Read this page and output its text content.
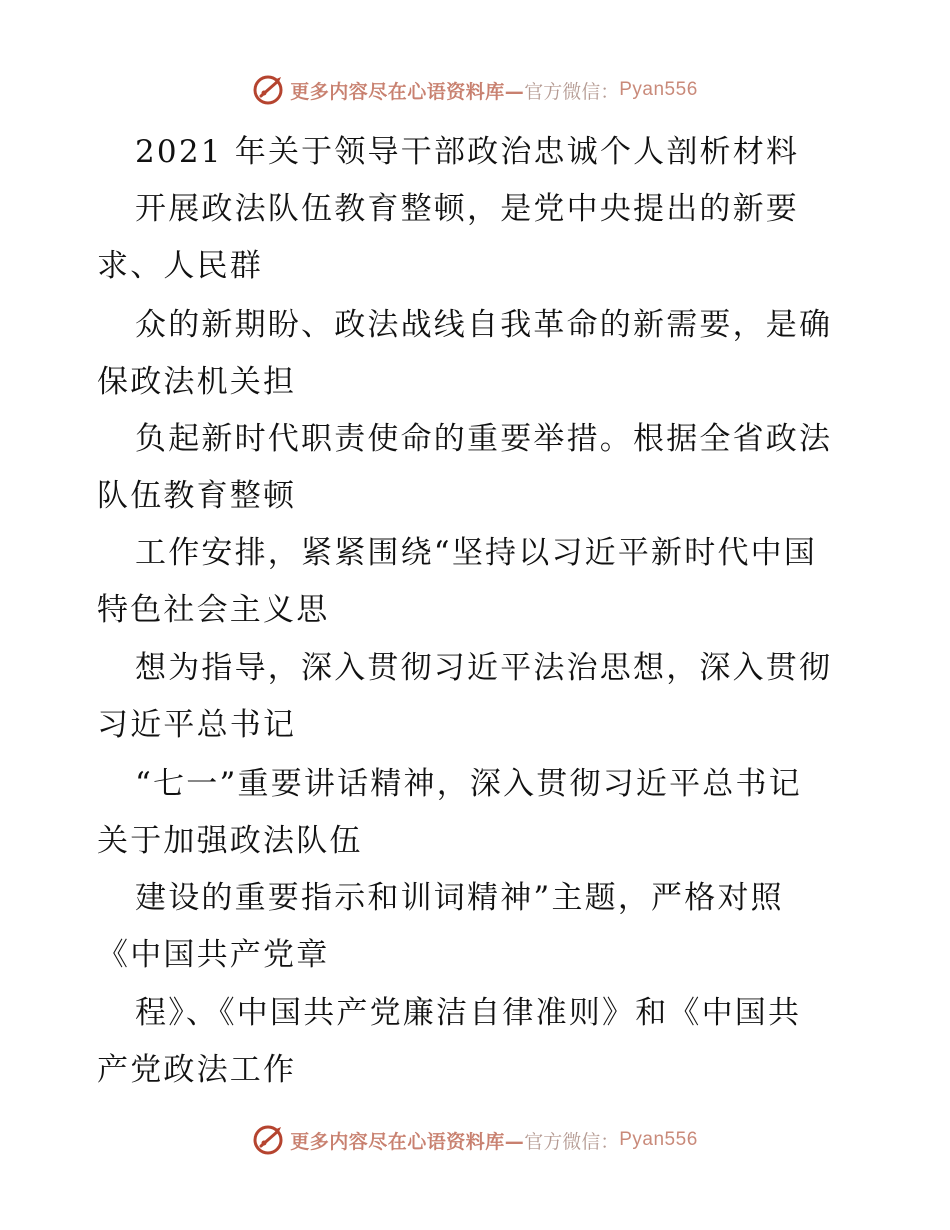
更多内容尽在心语资料库— 官方微信： Pyan556
2021 年关于领导干部政治忠诚个人剖析材料
开展政法队伍教育整顿，是党中央提出的新要
求、人民群
众的新期盼、政法战线自我革命的新需要，是确
保政法机关担
负起新时代职责使命的重要举措。根据全省政法
队伍教育整顿
工作安排，紧紧围绕“坚持以习近平新时代中国
特色社会主义思
想为指导，深入贯彻习近平法治思想，深入贯彻
习近平总书记
“七一”重要讲话精神，深入贯彻习近平总书记
关于加强政法队伍
建设的重要指示和训词精神”主题，严格对照
《中国共产党章
程》、《中国共产党廉洁自律准则》和《中国共
产党政法工作
更多内容尽在心语资料库— 官方微信： Pyan556
